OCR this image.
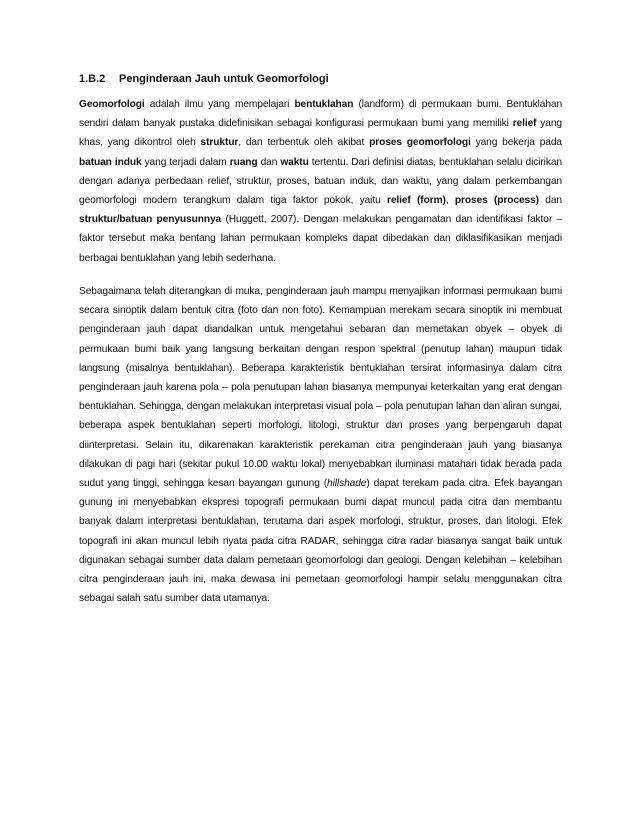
1.B.2 Penginderaan Jauh untuk Geomorfologi

Geomorfologi adalah ilmu yang mempelajari bentuklahan (landform) di permukaan bumi. Bentuklahan sendiri dalam banyak pustaka didefinisikan sebagai konfigurasi permukaan bumi yang memiliki relief yang khas, yang dikontrol oleh struktur, dan terbentuk oleh akibat proses geomorfologi yang bekerja pada batuan induk yang terjadi dalam ruang dan waktu tertentu. Dari definisi diatas, bentuklahan selalu dicirikan dengan adanya perbedaan relief, struktur, proses, batuan induk, dan waktu, yang dalam perkembangan geomorfologi modern terangkum dalam tiga faktor pokok, yaitu relief (form), proses (process) dan struktur/batuan penyusunnya (Huggett, 2007). Dengan melakukan pengamatan dan identifikasi faktor – faktor tersebut maka bentang lahan permukaan kompleks dapat dibedakan dan diklasifikasikan menjadi berbagai bentuklahan yang lebih sederhana.

Sebagaimana telah diterangkan di muka, penginderaan jauh mampu menyajikan informasi permukaan bumi secara sinoptik dalam bentuk citra (foto dan non foto). Kemampuan merekam secara sinoptik ini membuat penginderaan jauh dapat diandalkan untuk mengetahui sebaran dan memetakan obyek – obyek di permukaan bumi baik yang langsung berkaitan dengan respon spektral (penutup lahan) maupun tidak langsung (misalnya bentuklahan). Beberapa karakteristik bentuklahan tersirat informasinya dalam citra penginderaan jauh karena pola – pola penutupan lahan biasanya mempunyai keterkaitan yang erat dengan bentuklahan. Sehingga, dengan melakukan interpretasi visual pola – pola penutupan lahan dan aliran sungai, beberapa aspek bentuklahan seperti morfologi, litologi, struktur dan proses yang berpengaruh dapat diinterpretasi. Selain itu, dikarenakan karakteristik perekaman citra penginderaan jauh yang biasanya dilakukan di pagi hari (sekitar pukul 10.00 waktu lokal) menyebabkan iluminasi matahari tidak berada pada sudut yang tinggi, sehingga kesan bayangan gunung (hillshade) dapat terekam pada citra. Efek bayangan gunung ini menyebabkan ekspresi topografi permukaan bumi dapat muncul pada citra dan membantu banyak dalam interpretasi bentuklahan, terutama dari aspek morfologi, struktur, proses, dan litologi. Efek topografi ini akan muncul lebih nyata pada citra RADAR, sehingga citra radar biasanya sangat baik untuk digunakan sebagai sumber data dalam pemetaan geomorfologi dan geologi. Dengan kelebihan – kelebihan citra penginderaan jauh ini, maka dewasa ini pemetaan geomorfologi hampir selalu menggunakan citra sebagai salah satu sumber data utamanya.
